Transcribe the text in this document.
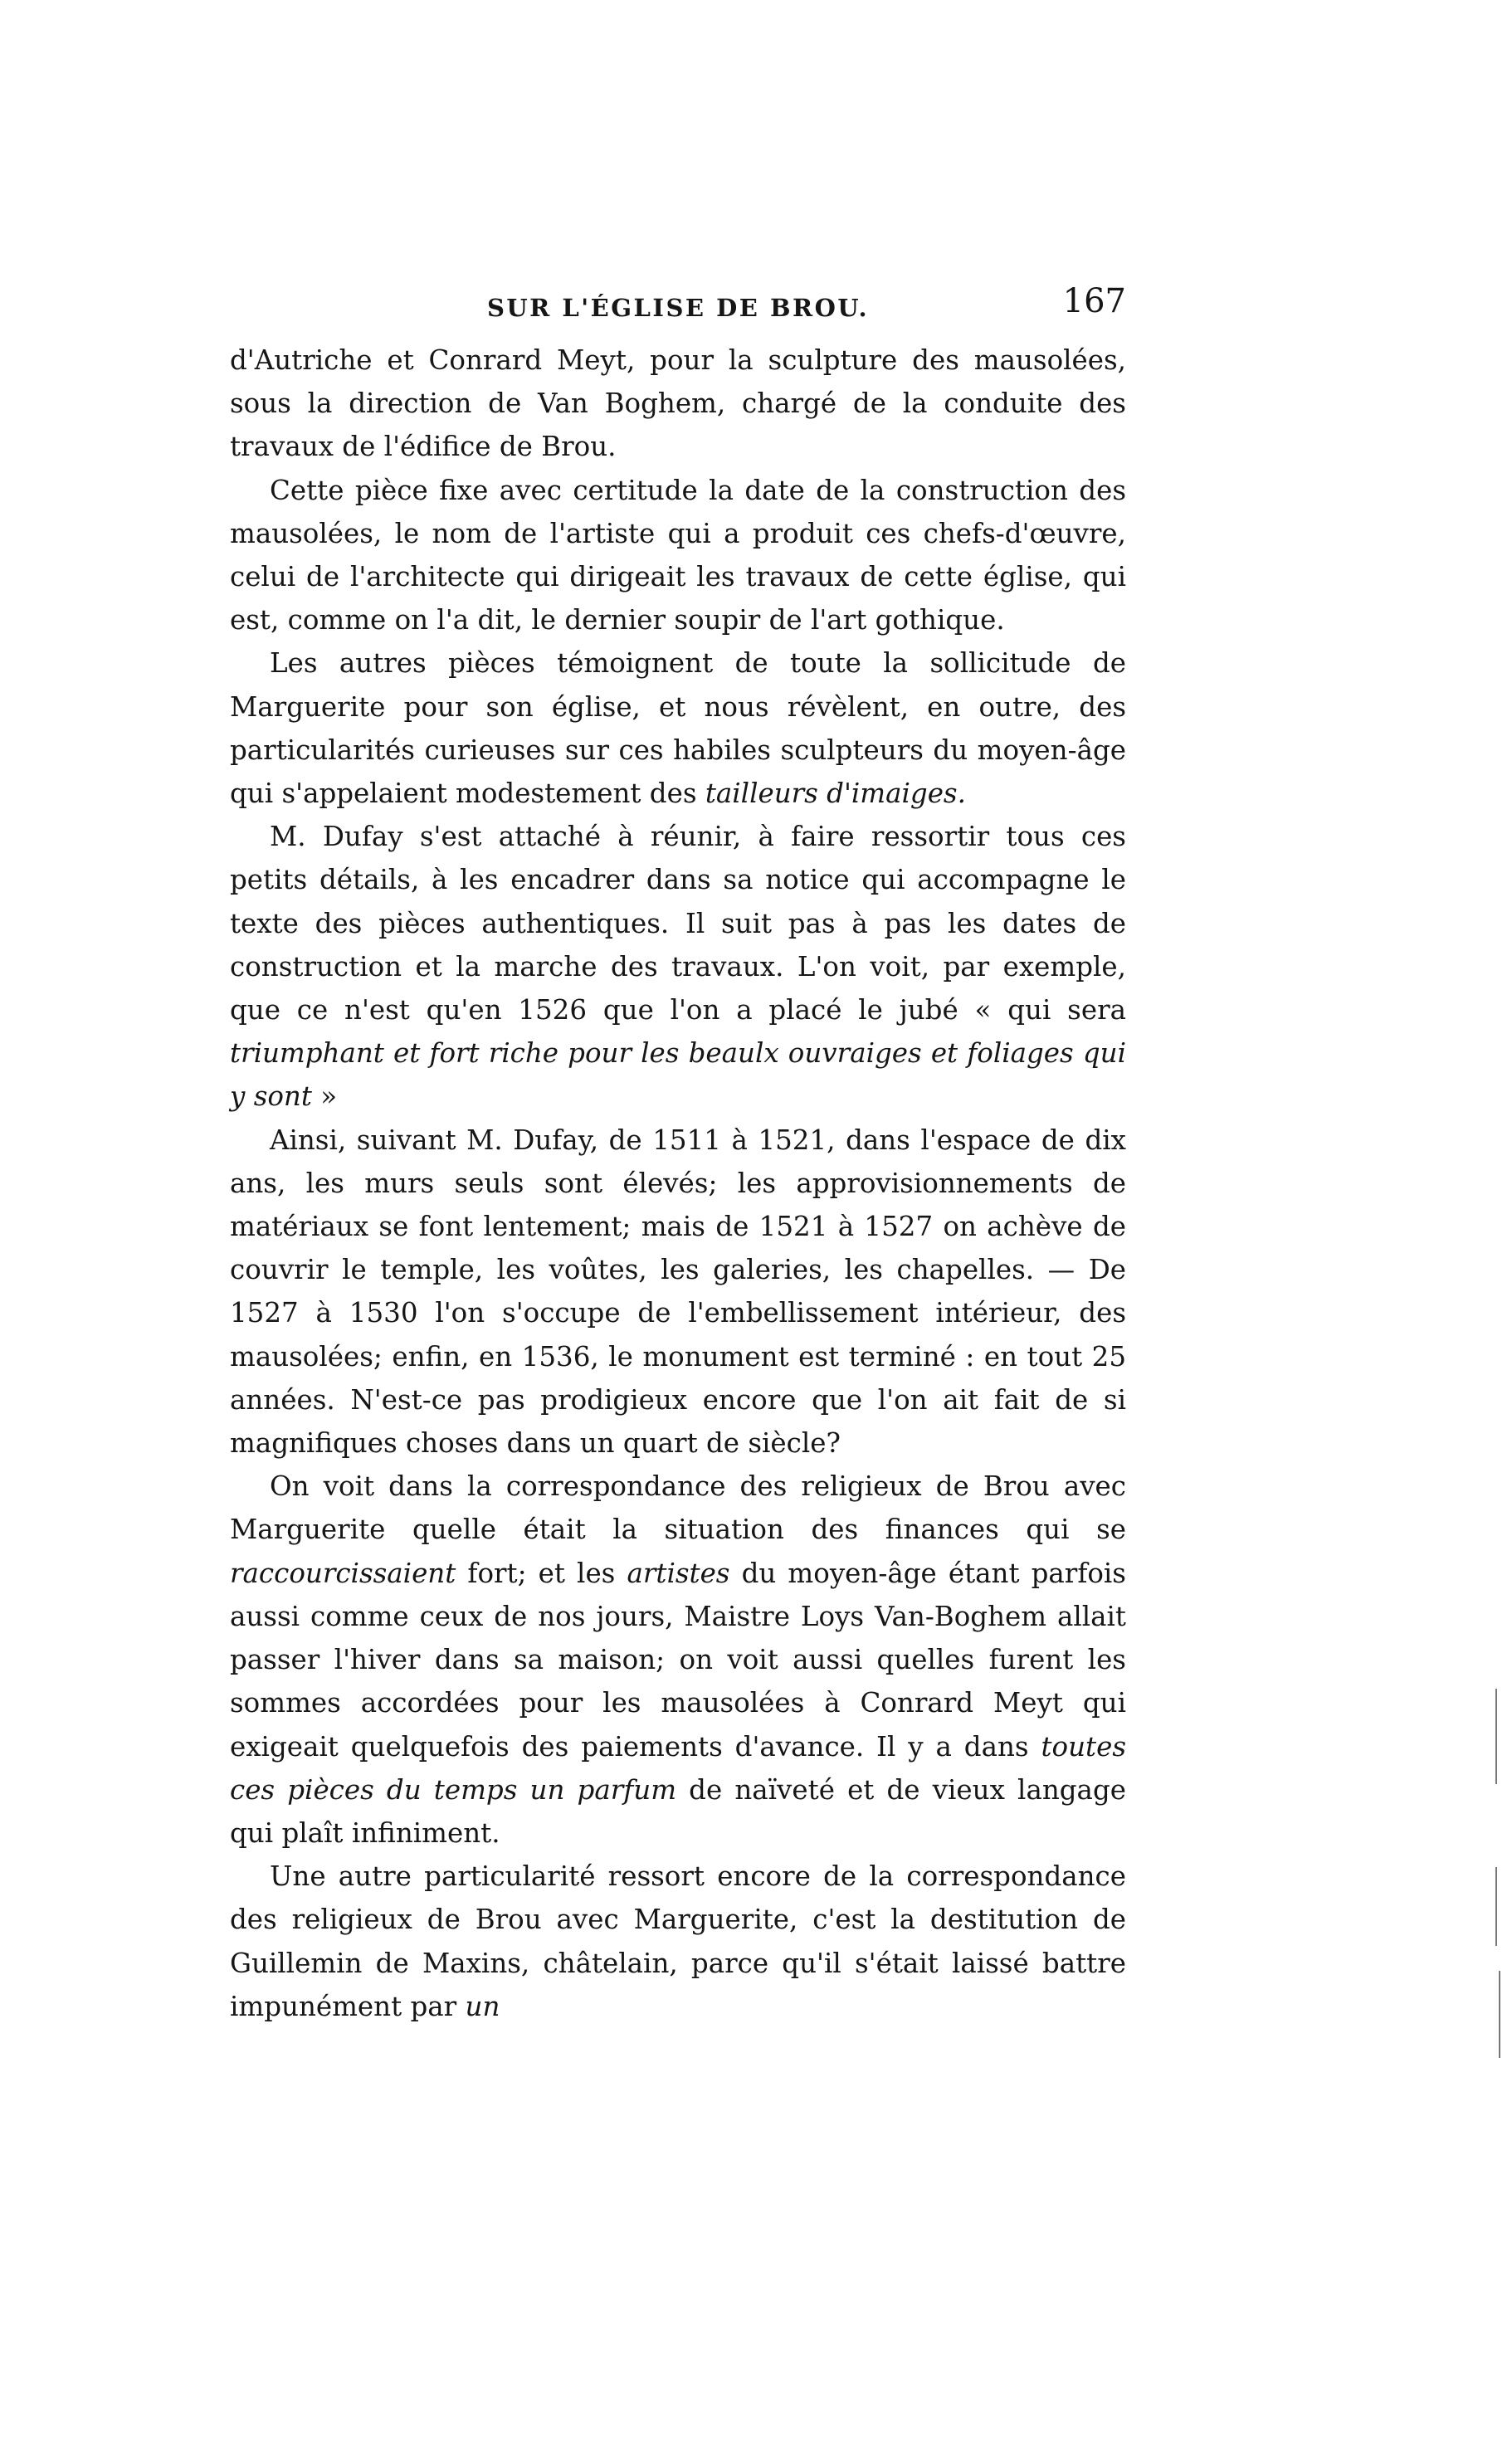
SUR L'ÉGLISE DE BROU.	167

d'Autriche et Conrard Meyt, pour la sculpture des mausolées, sous la direction de Van Boghem, chargé de la conduite des travaux de l'édifice de Brou.

Cette pièce fixe avec certitude la date de la construction des mausolées, le nom de l'artiste qui a produit ces chefs-d'œuvre, celui de l'architecte qui dirigeait les travaux de cette église, qui est, comme on l'a dit, le dernier soupir de l'art gothique.

Les autres pièces témoignent de toute la sollicitude de Marguerite pour son église, et nous révèlent, en outre, des particularités curieuses sur ces habiles sculpteurs du moyen-âge qui s'appelaient modestement des tailleurs d'imaiges.

M. Dufay s'est attaché à réunir, à faire ressortir tous ces petits détails, à les encadrer dans sa notice qui accompagne le texte des pièces authentiques. Il suit pas à pas les dates de construction et la marche des travaux. L'on voit, par exemple, que ce n'est qu'en 1526 que l'on a placé le jubé « qui sera triumphant et fort riche pour les beaulx ouvraiges et foliages qui y sont »

Ainsi, suivant M. Dufay, de 1511 à 1521, dans l'espace de dix ans, les murs seuls sont élevés; les approvisionnements de matériaux se font lentement; mais de 1521 à 1527 on achève de couvrir le temple, les voûtes, les galeries, les chapelles. — De 1527 à 1530 l'on s'occupe de l'embellissement intérieur, des mausolées; enfin, en 1536, le monument est terminé : en tout 25 années. N'est-ce pas prodigieux encore que l'on ait fait de si magnifiques choses dans un quart de siècle?

On voit dans la correspondance des religieux de Brou avec Marguerite quelle était la situation des finances qui se raccourcissaient fort; et les artistes du moyen-âge étant parfois aussi comme ceux de nos jours, Maistre Loys Van-Boghem allait passer l'hiver dans sa maison; on voit aussi quelles furent les sommes accordées pour les mausolées à Conrard Meyt qui exigeait quelquefois des paiements d'avance. Il y a dans toutes ces pièces du temps un parfum de naïveté et de vieux langage qui plaît infiniment.

Une autre particularité ressort encore de la correspondance des religieux de Brou avec Marguerite, c'est la destitution de Guillemin de Maxins, châtelain, parce qu'il s'était laissé battre impunément par un
